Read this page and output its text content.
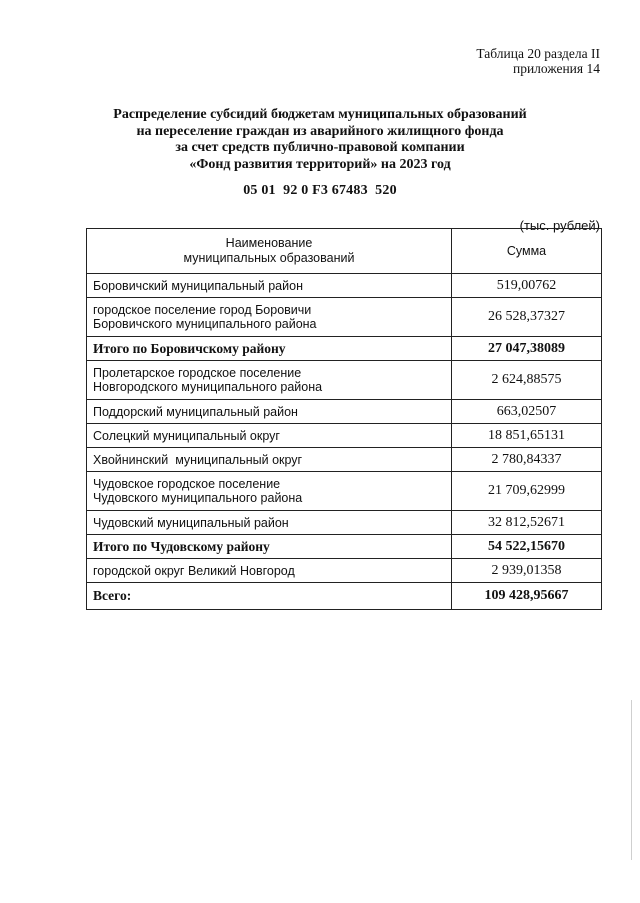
Таблица 20 раздела II
приложения 14
Распределение субсидий бюджетам муниципальных образований
на переселение граждан из аварийного жилищного фонда
за счет средств публично-правовой компании
«Фонд развития территорий» на 2023 год
05 01  92 0 F3 67483  520
(тыс. рублей)
Наименование
муниципальных образований	Сумма

Боровичский муниципальный район	519,00762

городское поселение город Боровичи
Боровичского муниципального района	26 528,37327

Итого по Боровичскому району	27 047,38089

Пролетарское городское поселение
Новгородского муниципального района	2 624,88575

Поддорский муниципальный район	663,02507

Солецкий муниципальный округ	18 851,65131

Хвойнинский  муниципальный округ	2 780,84337

Чудовское городское поселение
Чудовского муниципального района	21 709,62999

Чудовский муниципальный район	32 812,52671

Итого по Чудовскому району	54 522,15670

городской округ Великий Новгород	2 939,01358

Всего:	109 428,95667
